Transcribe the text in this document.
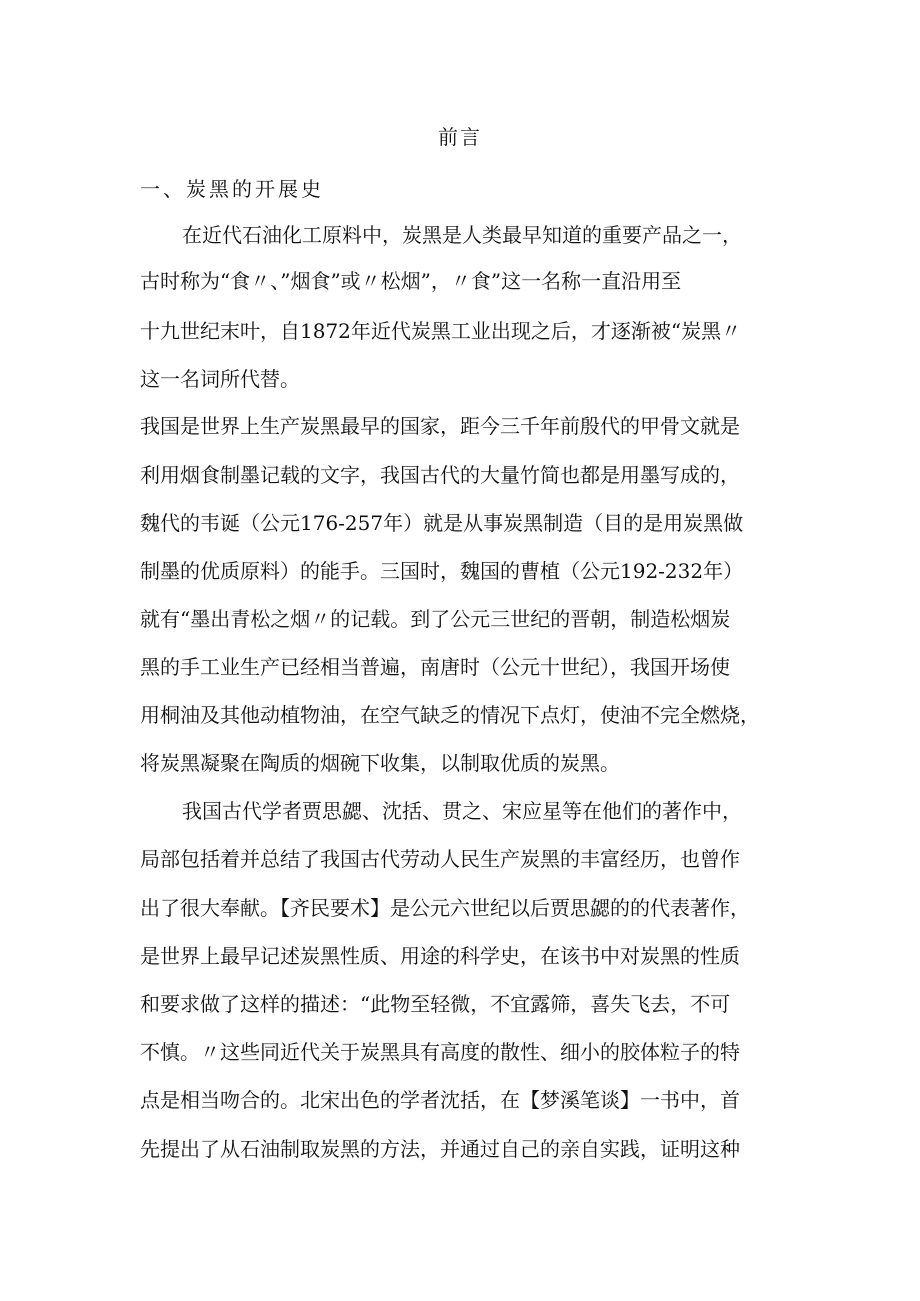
前言
一、炭黑的开展史
在近代石油化工原料中，炭黑是人类最早知道的重要产品之一，
古时称为“食〃、”烟食”或〃松烟”，〃食”这一名称一直沿用至
十九世纪末叶，自1872年近代炭黑工业出现之后，才逐渐被“炭黑〃
这一名词所代替。
我国是世界上生产炭黑最早的国家，距今三千年前殷代的甲骨文就是
利用烟食制墨记载的文字，我国古代的大量竹简也都是用墨写成的，
魏代的韦诞（公元176-257年）就是从事炭黑制造（目的是用炭黑做
制墨的优质原料）的能手。三国时，魏国的曹植（公元192-232年）
就有“墨出青松之烟〃的记载。到了公元三世纪的晋朝，制造松烟炭
黑的手工业生产已经相当普遍，南唐时（公元十世纪），我国开场使
用桐油及其他动植物油，在空气缺乏的情况下点灯，使油不完全燃烧，
将炭黑凝聚在陶质的烟碗下收集，以制取优质的炭黑。
我国古代学者贾思勰、沈括、贯之、宋应星等在他们的著作中，
局部包括着并总结了我国古代劳动人民生产炭黑的丰富经历，也曾作
出了很大奉献。【齐民要术】是公元六世纪以后贾思勰的的代表著作，
是世界上最早记述炭黑性质、用途的科学史，在该书中对炭黑的性质
和要求做了这样的描述：“此物至轻微，不宜露筛，喜失飞去，不可
不慎。〃这些同近代关于炭黑具有高度的散性、细小的胶体粒子的特
点是相当吻合的。北宋出色的学者沈括，在【梦溪笔谈】一书中，首
先提出了从石油制取炭黑的方法，并通过自己的亲自实践，证明这种
